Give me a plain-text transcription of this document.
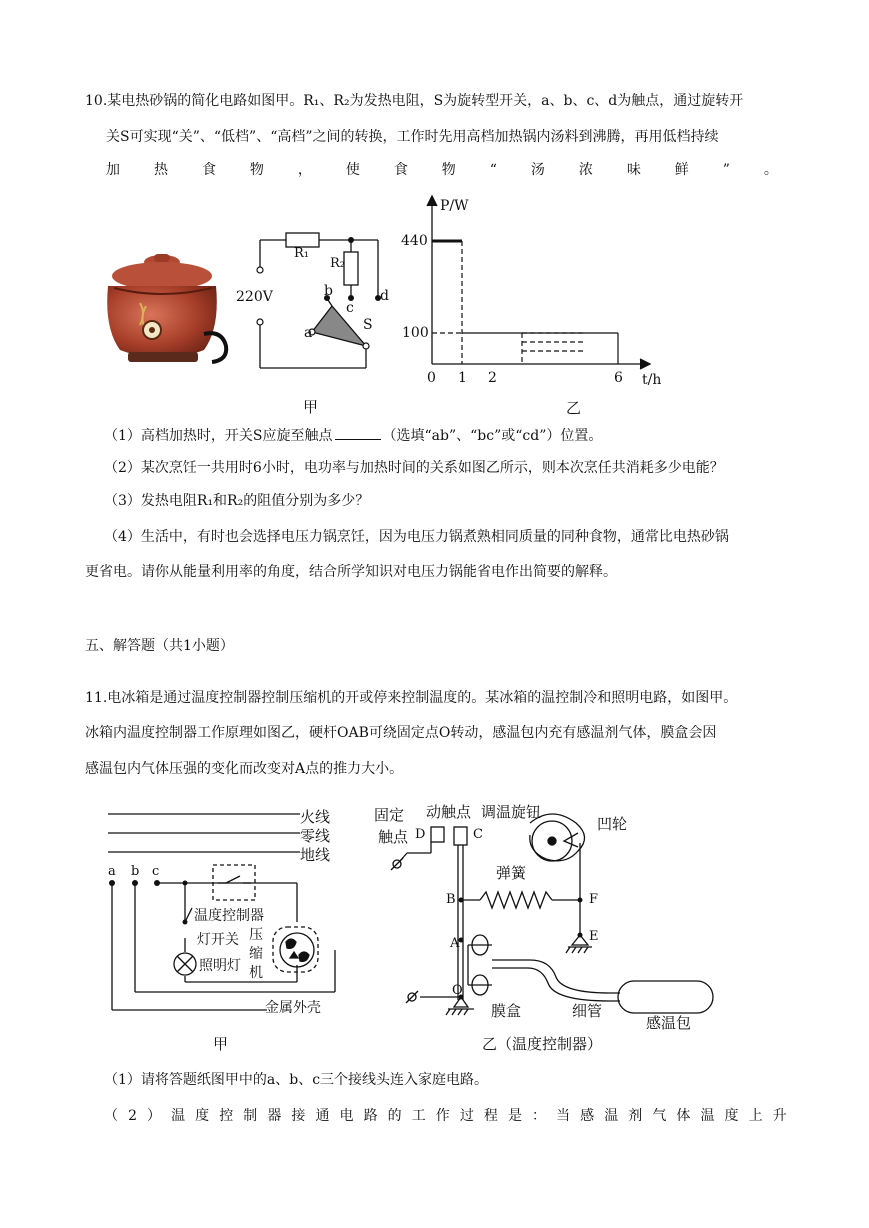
10.某电热砂锅的简化电路如图甲。R₁、R₂为发热电阻，S为旋转型开关，a、b、c、d为触点，通过旋转开
关S可实现“关”、“低档”、“高档”之间的转换，工作时先用高档加热锅内汤料到沸腾，再用低档持续
加 热 食 物 ， 使 食 物 “ 汤 浓 味 鲜 ” 。
R₁
R₂
220V	b
c
d
a	S
甲
P/W
440
100
0 1 2	6 t/h
乙
（1）高档加热时，开关S应旋至触点	（选填“ab”、“bc”或“cd”）位置。
（2）某次烹饪一共用时6小时，电功率与加热时间的关系如图乙所示，则本次烹任共消耗多少电能？
（3）发热电阻R₁和R₂的阻值分别为多少？
（4）生活中，有时也会选择电压力锅烹饪，因为电压力锅煮熟相同质量的同种食物，通常比电热砂锅
更省电。请你从能量利用率的角度，结合所学知识对电压力锅能省电作出简要的解释。
五、解答题（共1小题）
11.电冰箱是通过温度控制器控制压缩机的开或停来控制温度的。某冰箱的温控制冷和照明电路，如图甲。
冰箱内温度控制器工作原理如图乙，硬杆OAB可绕固定点O转动，感温包内充有感温剂气体，膜盒会因
感温包内气体压强的变化而改变对A点的推力大小。
火线
零线
地线
a b c
温度控制器
灯开关 压
缩
机
照明灯
金属外壳
甲
固定
触点 D
动触点
C
调温旋钮
凹轮
弹簧
B	F
E
A
O
膜盒	细管
感温包
乙（温度控制器）
（1）请将答题纸图甲中的a、b、c三个接线头连入家庭电路。
（ 2 ） 温 度 控 制 器 接 通 电 路 的 工 作 过 程 是 ： 当 感 温 剂 气 体 温 度 上 升
